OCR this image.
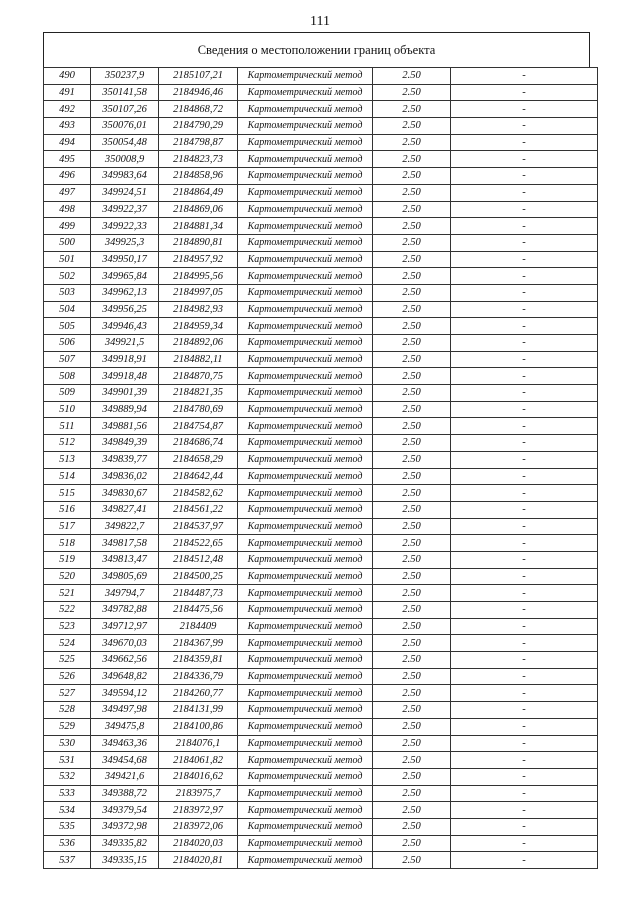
111
Сведения о местоположении границ объекта
490	350237,9	2185107,21	Картометрический метод	2.50	-
491	350141,58	2184946,46	Картометрический метод	2.50	-
492	350107,26	2184868,72	Картометрический метод	2.50	-
493	350076,01	2184790,29	Картометрический метод	2.50	-
494	350054,48	2184798,87	Картометрический метод	2.50	-
495	350008,9	2184823,73	Картометрический метод	2.50	-
496	349983,64	2184858,96	Картометрический метод	2.50	-
497	349924,51	2184864,49	Картометрический метод	2.50	-
498	349922,37	2184869,06	Картометрический метод	2.50	-
499	349922,33	2184881,34	Картометрический метод	2.50	-
500	349925,3	2184890,81	Картометрический метод	2.50	-
501	349950,17	2184957,92	Картометрический метод	2.50	-
502	349965,84	2184995,56	Картометрический метод	2.50	-
503	349962,13	2184997,05	Картометрический метод	2.50	-
504	349956,25	2184982,93	Картометрический метод	2.50	-
505	349946,43	2184959,34	Картометрический метод	2.50	-
506	349921,5	2184892,06	Картометрический метод	2.50	-
507	349918,91	2184882,11	Картометрический метод	2.50	-
508	349918,48	2184870,75	Картометрический метод	2.50	-
509	349901,39	2184821,35	Картометрический метод	2.50	-
510	349889,94	2184780,69	Картометрический метод	2.50	-
511	349881,56	2184754,87	Картометрический метод	2.50	-
512	349849,39	2184686,74	Картометрический метод	2.50	-
513	349839,77	2184658,29	Картометрический метод	2.50	-
514	349836,02	2184642,44	Картометрический метод	2.50	-
515	349830,67	2184582,62	Картометрический метод	2.50	-
516	349827,41	2184561,22	Картометрический метод	2.50	-
517	349822,7	2184537,97	Картометрический метод	2.50	-
518	349817,58	2184522,65	Картометрический метод	2.50	-
519	349813,47	2184512,48	Картометрический метод	2.50	-
520	349805,69	2184500,25	Картометрический метод	2.50	-
521	349794,7	2184487,73	Картометрический метод	2.50	-
522	349782,88	2184475,56	Картометрический метод	2.50	-
523	349712,97	2184409	Картометрический метод	2.50	-
524	349670,03	2184367,99	Картометрический метод	2.50	-
525	349662,56	2184359,81	Картометрический метод	2.50	-
526	349648,82	2184336,79	Картометрический метод	2.50	-
527	349594,12	2184260,77	Картометрический метод	2.50	-
528	349497,98	2184131,99	Картометрический метод	2.50	-
529	349475,8	2184100,86	Картометрический метод	2.50	-
530	349463,36	2184076,1	Картометрический метод	2.50	-
531	349454,68	2184061,82	Картометрический метод	2.50	-
532	349421,6	2184016,62	Картометрический метод	2.50	-
533	349388,72	2183975,7	Картометрический метод	2.50	-
534	349379,54	2183972,97	Картометрический метод	2.50	-
535	349372,98	2183972,06	Картометрический метод	2.50	-
536	349335,82	2184020,03	Картометрический метод	2.50	-
537	349335,15	2184020,81	Картометрический метод	2.50	-
